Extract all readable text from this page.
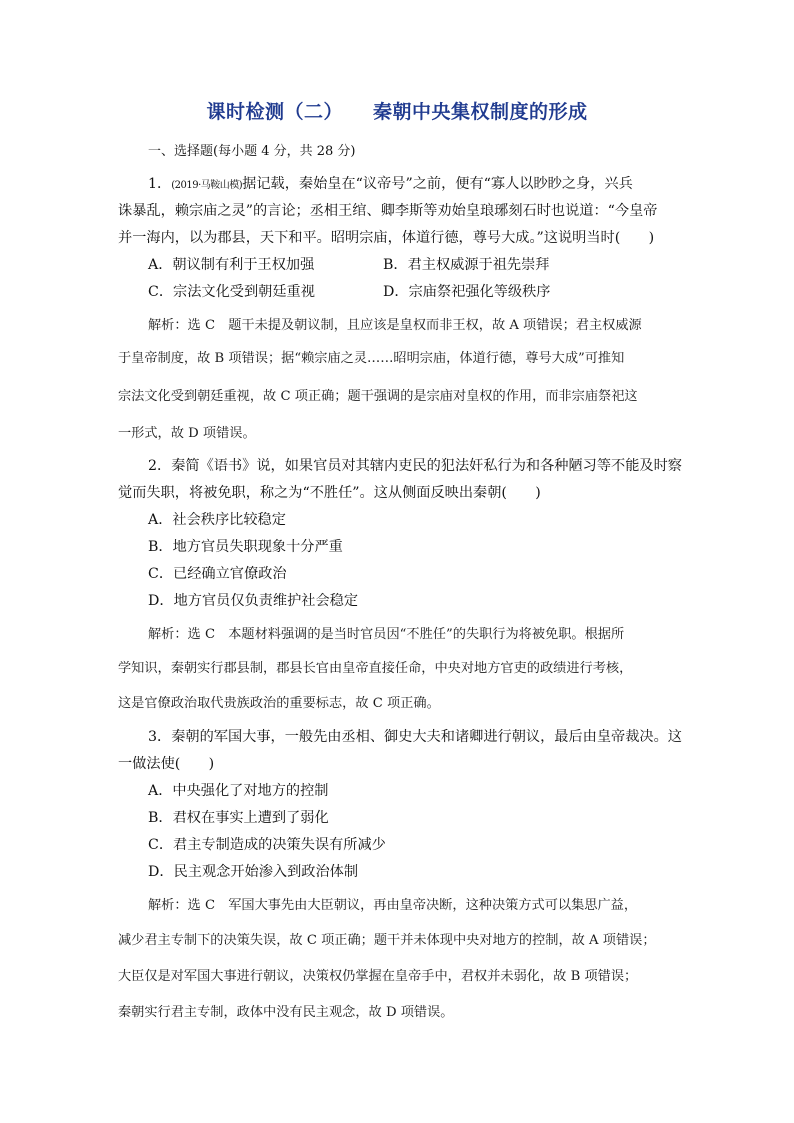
课时检测（二） 秦朝中央集权制度的形成
一、选择题(每小题 4 分，共 28 分)
1．(2019·马鞍山模)据记载，秦始皇在“议帝号”之前，便有“寡人以眇眇之身，兴兵
诛暴乱，赖宗庙之灵”的言论；丞相王绾、卿李斯等劝始皇琅琊刻石时也说道：“今皇帝
并一海内，以为郡县，天下和平。昭明宗庙，体道行德，尊号大成。”这说明当时(　　)
A．朝议制有利于王权加强	B．君主权威源于祖先崇拜
C．宗法文化受到朝廷重视	D．宗庙祭祀强化等级秩序
解析：选 C　题干未提及朝议制，且应该是皇权而非王权，故 A 项错误；君主权威源
于皇帝制度，故 B 项错误；据“赖宗庙之灵……昭明宗庙，体道行德，尊号大成”可推知
宗法文化受到朝廷重视，故 C 项正确；题干强调的是宗庙对皇权的作用，而非宗庙祭祀这
一形式，故 D 项错误。
2．秦简《语书》说，如果官员对其辖内吏民的犯法奸私行为和各种陋习等不能及时察
觉而失职，将被免职，称之为“不胜任”。这从侧面反映出秦朝(　　)
A．社会秩序比较稳定
B．地方官员失职现象十分严重
C．已经确立官僚政治
D．地方官员仅负责维护社会稳定
解析：选 C　本题材料强调的是当时官员因“不胜任”的失职行为将被免职。根据所
学知识，秦朝实行郡县制，郡县长官由皇帝直接任命，中央对地方官吏的政绩进行考核，
这是官僚政治取代贵族政治的重要标志，故 C 项正确。
3．秦朝的军国大事，一般先由丞相、御史大夫和诸卿进行朝议，最后由皇帝裁决。这
一做法使(　　)
A．中央强化了对地方的控制
B．君权在事实上遭到了弱化
C．君主专制造成的决策失误有所减少
D．民主观念开始渗入到政治体制
解析：选 C　军国大事先由大臣朝议，再由皇帝决断，这种决策方式可以集思广益，
减少君主专制下的决策失误，故 C 项正确；题干并未体现中央对地方的控制，故 A 项错误；
大臣仅是对军国大事进行朝议，决策权仍掌握在皇帝手中，君权并未弱化，故 B 项错误；
秦朝实行君主专制，政体中没有民主观念，故 D 项错误。
